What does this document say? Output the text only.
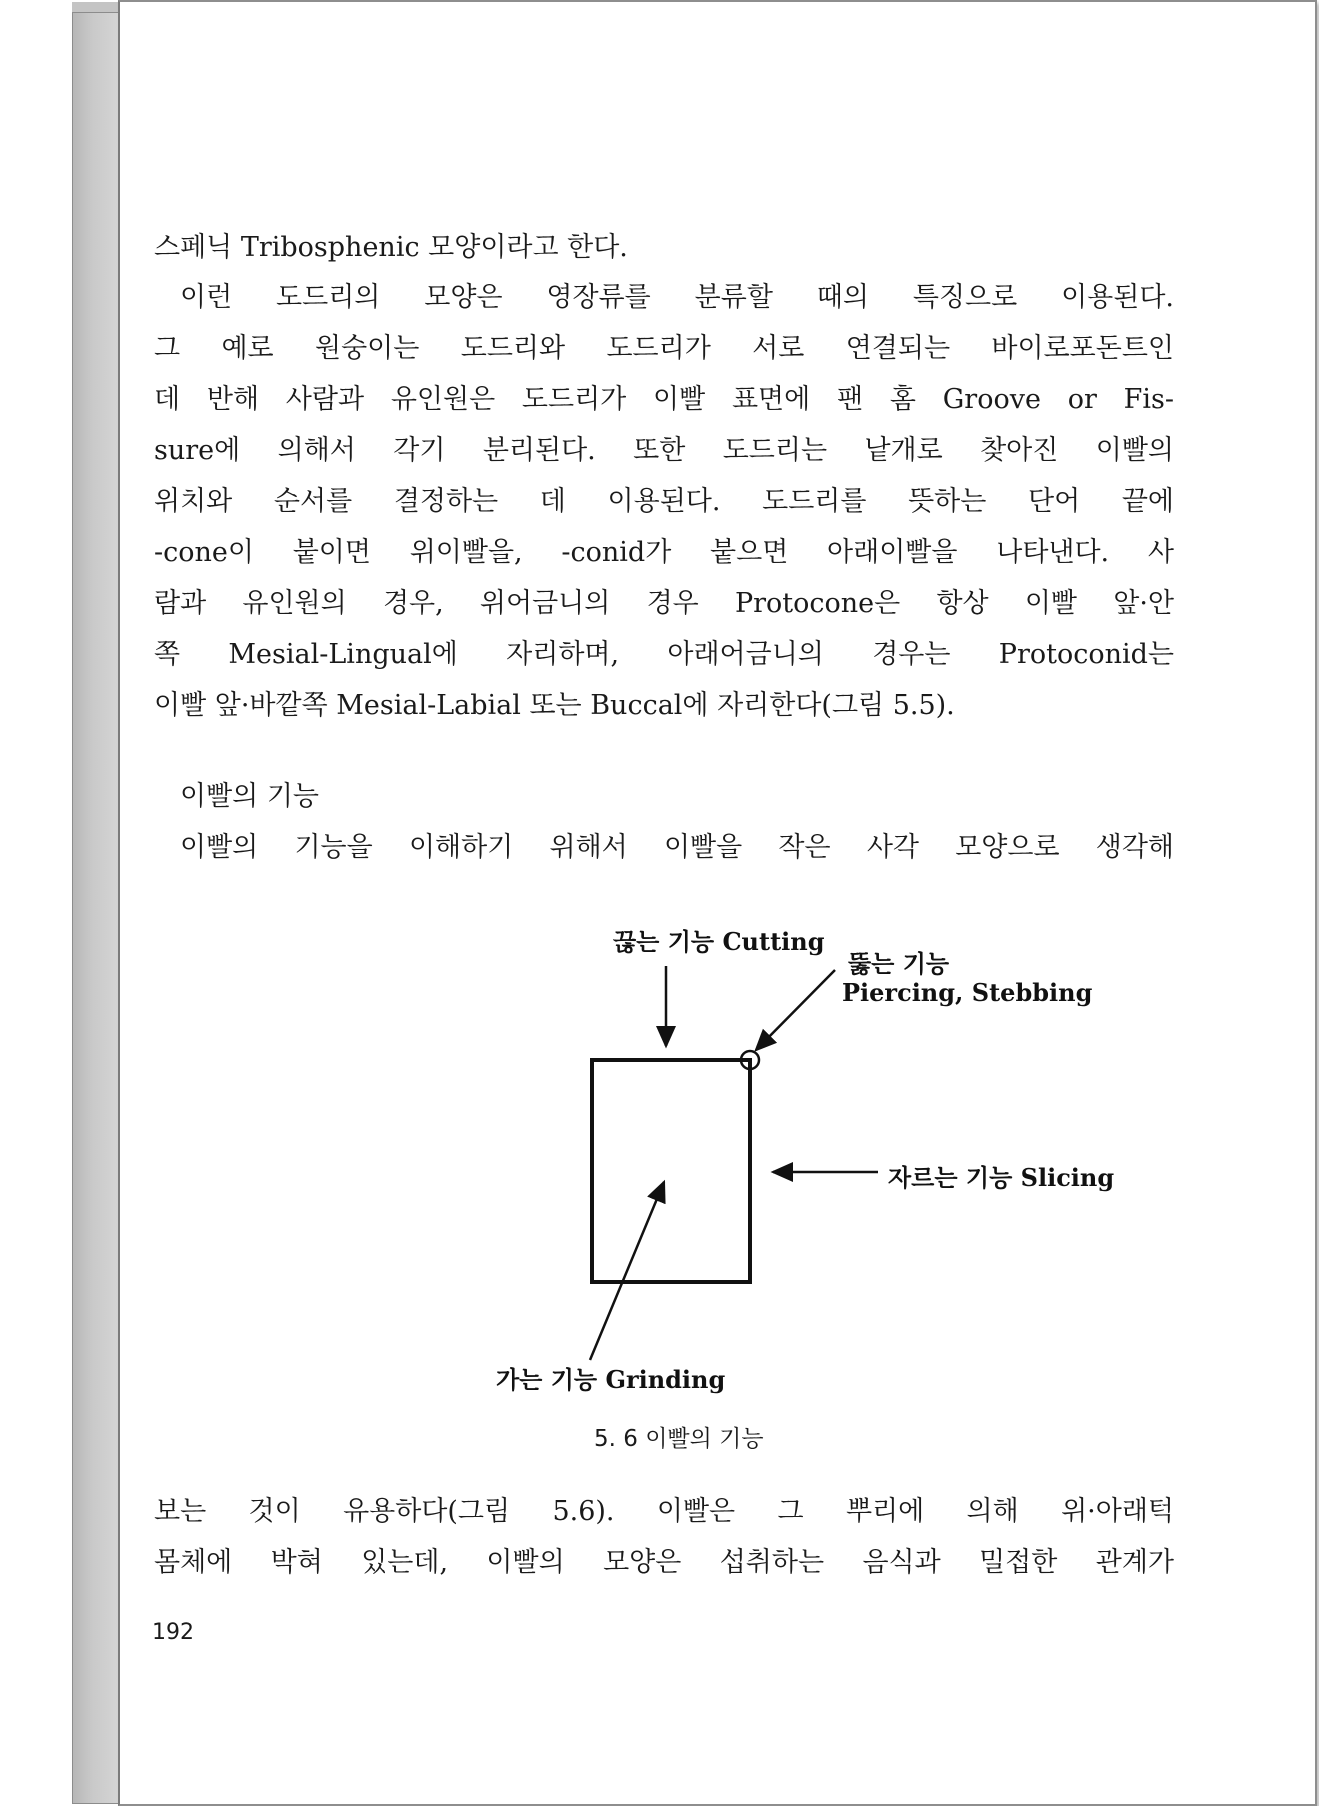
스페닉 Tribosphenic 모양이라고 한다.

이런 도드리의 모양은 영장류를 분류할 때의 특징으로 이용된다.

그 예로 원숭이는 도드리와 도드리가 서로 연결되는 바이로포돈트인

데 반해 사람과 유인원은 도드리가 이빨 표면에 팬 홈 Groove or Fis-

sure에 의해서 각기 분리된다. 또한 도드리는 낱개로 찾아진 이빨의

위치와 순서를 결정하는 데 이용된다. 도드리를 뜻하는 단어 끝에

-cone이 붙이면 위이빨을, -conid가 붙으면 아래이빨을 나타낸다. 사

람과 유인원의 경우, 위어금니의 경우 Protocone은 항상 이빨 앞·안

쪽 Mesial-Lingual에 자리하며, 아래어금니의 경우는 Protoconid는

이빨 앞·바깥쪽 Mesial-Labial 또는 Buccal에 자리한다(그림 5.5).

이빨의 기능

이빨의 기능을 이해하기 위해서 이빨을 작은 사각 모양으로 생각해

끊는 기능 Cutting

뚫는 기능

Piercing, Stebbing

자르는 기능 Slicing

가는 기능 Grinding

5. 6 이빨의 기능

보는 것이 유용하다(그림 5.6). 이빨은 그 뿌리에 의해 위·아래턱

몸체에 박혀 있는데, 이빨의 모양은 섭취하는 음식과 밀접한 관계가

192
